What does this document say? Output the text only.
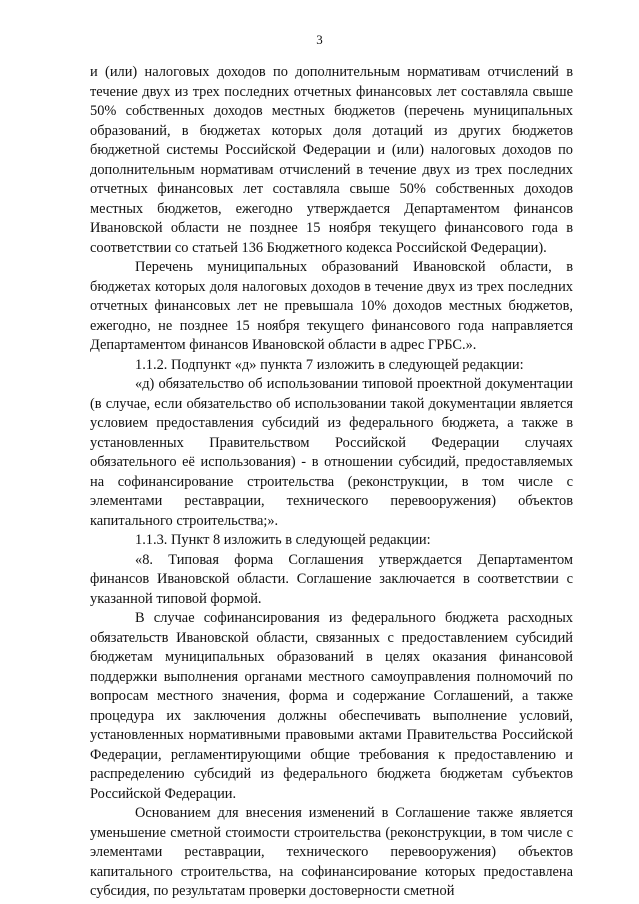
3

и (или) налоговых доходов по дополнительным нормативам отчислений в течение двух из трех последних отчетных финансовых лет составляла свыше 50% собственных доходов местных бюджетов (перечень муниципальных образований, в бюджетах которых доля дотаций из других бюджетов бюджетной системы Российской Федерации и (или) налоговых доходов по дополнительным нормативам отчислений в течение двух из трех последних отчетных финансовых лет составляла свыше 50% собственных доходов местных бюджетов, ежегодно утверждается Департаментом финансов Ивановской области не позднее 15 ноября текущего финансового года в соответствии со статьей 136 Бюджетного кодекса Российской Федерации).

Перечень муниципальных образований Ивановской области, в бюджетах которых доля налоговых доходов в течение двух из трех последних отчетных финансовых лет не превышала 10% доходов местных бюджетов, ежегодно, не позднее 15 ноября текущего финансового года направляется Департаментом финансов Ивановской области в адрес ГРБС.».

1.1.2. Подпункт «д» пункта 7 изложить в следующей редакции:

«д) обязательство об использовании типовой проектной документации (в случае, если обязательство об использовании такой документации является условием предоставления субсидий из федерального бюджета, а также в установленных Правительством Российской Федерации случаях обязательного её использования) - в отношении субсидий, предоставляемых на софинансирование строительства (реконструкции, в том числе с элементами реставрации, технического перевооружения) объектов капитального строительства;».

1.1.3. Пункт 8 изложить в следующей редакции:

«8. Типовая форма Соглашения утверждается Департаментом финансов Ивановской области. Соглашение заключается в соответствии с указанной типовой формой.

В случае софинансирования из федерального бюджета расходных обязательств Ивановской области, связанных с предоставлением субсидий бюджетам муниципальных образований в целях оказания финансовой поддержки выполнения органами местного самоуправления полномочий по вопросам местного значения, форма и содержание Соглашений, а также процедура их заключения должны обеспечивать выполнение условий, установленных нормативными правовыми актами Правительства Российской Федерации, регламентирующими общие требования к предоставлению и распределению субсидий из федерального бюджета бюджетам субъектов Российской Федерации.

Основанием для внесения изменений в Соглашение также является уменьшение сметной стоимости строительства (реконструкции, в том числе с элементами реставрации, технического перевооружения) объектов капитального строительства, на софинансирование которых предоставлена субсидия, по результатам проверки достоверности сметной
